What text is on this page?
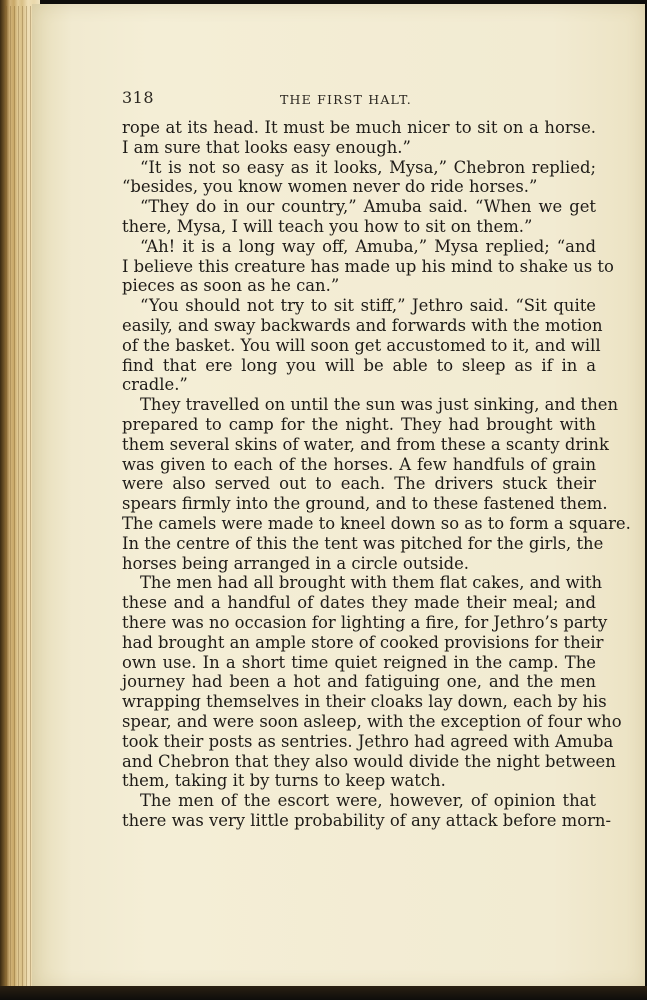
318	THE FIRST HALT.
rope at its head. It must be much nicer to sit on a horse.
I am sure that looks easy enough.”
“It is not so easy as it looks, Mysa,” Chebron replied;
“besides, you know women never do ride horses.”
“They do in our country,” Amuba said. “When we get
there, Mysa, I will teach you how to sit on them.”
“Ah! it is a long way off, Amuba,” Mysa replied; “and
I believe this creature has made up his mind to shake us to
pieces as soon as he can.”
“You should not try to sit stiff,” Jethro said. “Sit quite
easily, and sway backwards and forwards with the motion
of the basket. You will soon get accustomed to it, and will
find that ere long you will be able to sleep as if in a
cradle.”
They travelled on until the sun was just sinking, and then
prepared to camp for the night. They had brought with
them several skins of water, and from these a scanty drink
was given to each of the horses. A few handfuls of grain
were also served out to each. The drivers stuck their
spears firmly into the ground, and to these fastened them.
The camels were made to kneel down so as to form a square.
In the centre of this the tent was pitched for the girls, the
horses being arranged in a circle outside.
The men had all brought with them flat cakes, and with
these and a handful of dates they made their meal; and
there was no occasion for lighting a fire, for Jethro’s party
had brought an ample store of cooked provisions for their
own use. In a short time quiet reigned in the camp. The
journey had been a hot and fatiguing one, and the men
wrapping themselves in their cloaks lay down, each by his
spear, and were soon asleep, with the exception of four who
took their posts as sentries. Jethro had agreed with Amuba
and Chebron that they also would divide the night between
them, taking it by turns to keep watch.
The men of the escort were, however, of opinion that
there was very little probability of any attack before morn-
